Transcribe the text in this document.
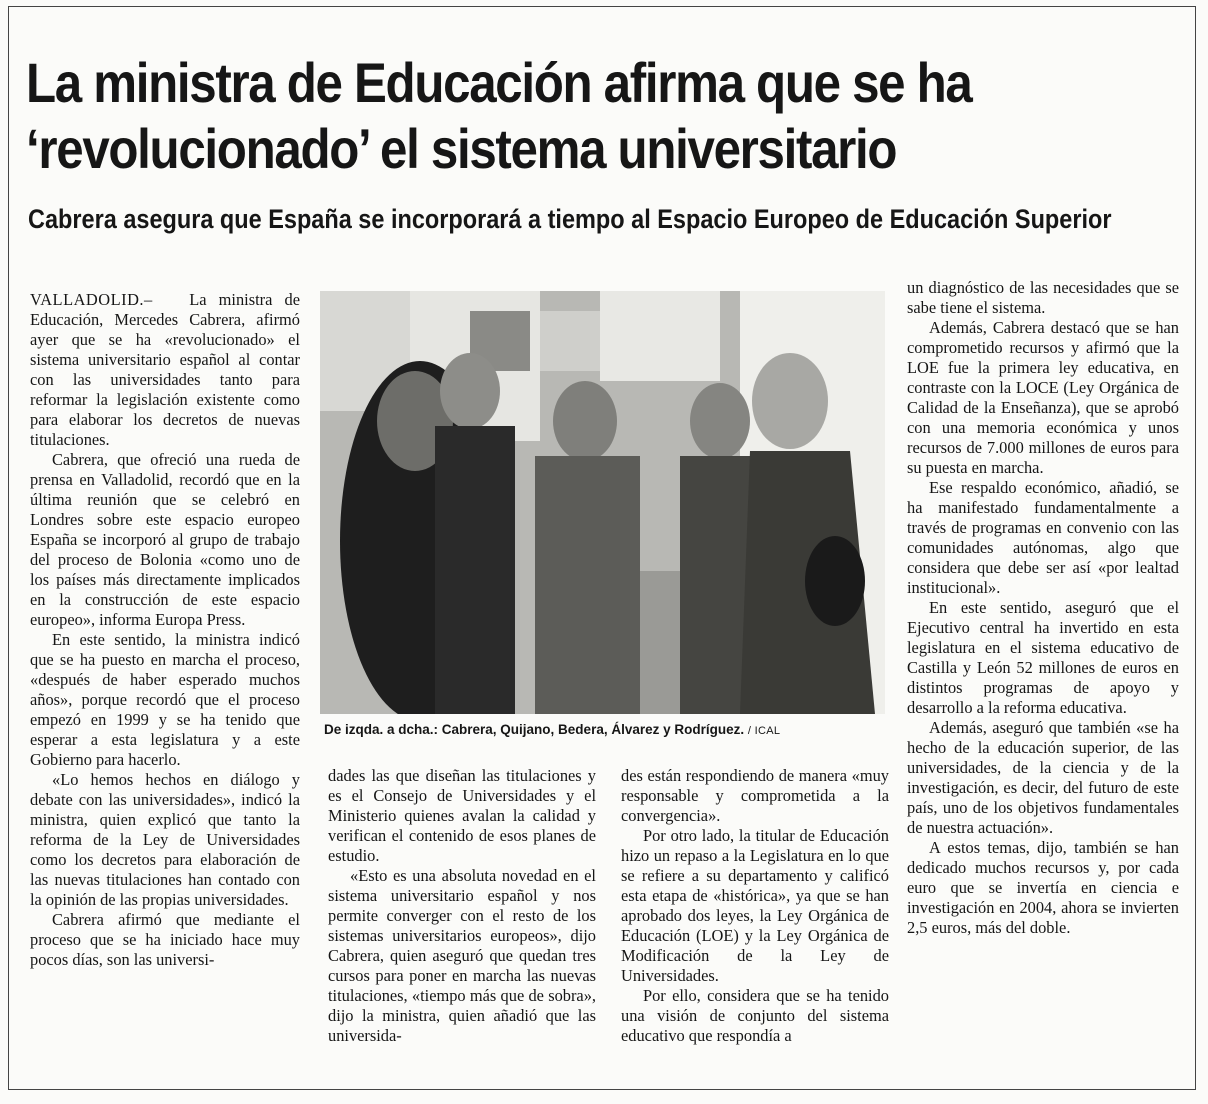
La ministra de Educación afirma que se ha
‘revolucionado’ el sistema universitario
Cabrera asegura que España se incorporará a tiempo al Espacio Europeo de Educación Superior

VALLADOLID.– La ministra de Educación, Mercedes Cabrera, afirmó ayer que se ha «revolucionado» el sistema universitario español al contar con las universidades tanto para reformar la legislación existente como para elaborar los decretos de nuevas titulaciones.

Cabrera, que ofreció una rueda de prensa en Valladolid, recordó que en la última reunión que se celebró en Londres sobre este espacio europeo España se incorporó al grupo de trabajo del proceso de Bolonia «como uno de los países más directamente implicados en la construcción de este espacio europeo», informa Europa Press.

En este sentido, la ministra indicó que se ha puesto en marcha el proceso, «después de haber esperado muchos años», porque recordó que el proceso empezó en 1999 y se ha tenido que esperar a esta legislatura y a este Gobierno para hacerlo.

«Lo hemos hechos en diálogo y debate con las universidades», indicó la ministra, quien explicó que tanto la reforma de la Ley de Universidades como los decretos para elaboración de las nuevas titulaciones han contado con la opinión de las propias universidades.

Cabrera afirmó que mediante el proceso que se ha iniciado hace muy pocos días, son las universi-

De izqda. a dcha.: Cabrera, Quijano, Bedera, Álvarez y Rodríguez. / ICAL

dades las que diseñan las titulaciones y es el Consejo de Universidades y el Ministerio quienes avalan la calidad y verifican el contenido de esos planes de estudio.

«Esto es una absoluta novedad en el sistema universitario español y nos permite converger con el resto de los sistemas universitarios europeos», dijo Cabrera, quien aseguró que quedan tres cursos para poner en marcha las nuevas titulaciones, «tiempo más que de sobra», dijo la ministra, quien añadió que las universida-

des están respondiendo de manera «muy responsable y comprometida a la convergencia».

Por otro lado, la titular de Educación hizo un repaso a la Legislatura en lo que se refiere a su departamento y calificó esta etapa de «histórica», ya que se han aprobado dos leyes, la Ley Orgánica de Educación (LOE) y la Ley Orgánica de Modificación de la Ley de Universidades.

Por ello, considera que se ha tenido una visión de conjunto del sistema educativo que respondía a

un diagnóstico de las necesidades que se sabe tiene el sistema.

Además, Cabrera destacó que se han comprometido recursos y afirmó que la LOE fue la primera ley educativa, en contraste con la LOCE (Ley Orgánica de Calidad de la Enseñanza), que se aprobó con una memoria económica y unos recursos de 7.000 millones de euros para su puesta en marcha.

Ese respaldo económico, añadió, se ha manifestado fundamentalmente a través de programas en convenio con las comunidades autónomas, algo que considera que debe ser así «por lealtad institucional».

En este sentido, aseguró que el Ejecutivo central ha invertido en esta legislatura en el sistema educativo de Castilla y León 52 millones de euros en distintos programas de apoyo y desarrollo a la reforma educativa.

Además, aseguró que también «se ha hecho de la educación superior, de las universidades, de la ciencia y de la investigación, es decir, del futuro de este país, uno de los objetivos fundamentales de nuestra actuación».

A estos temas, dijo, también se han dedicado muchos recursos y, por cada euro que se invertía en ciencia e investigación en 2004, ahora se invierten 2,5 euros, más del doble.
